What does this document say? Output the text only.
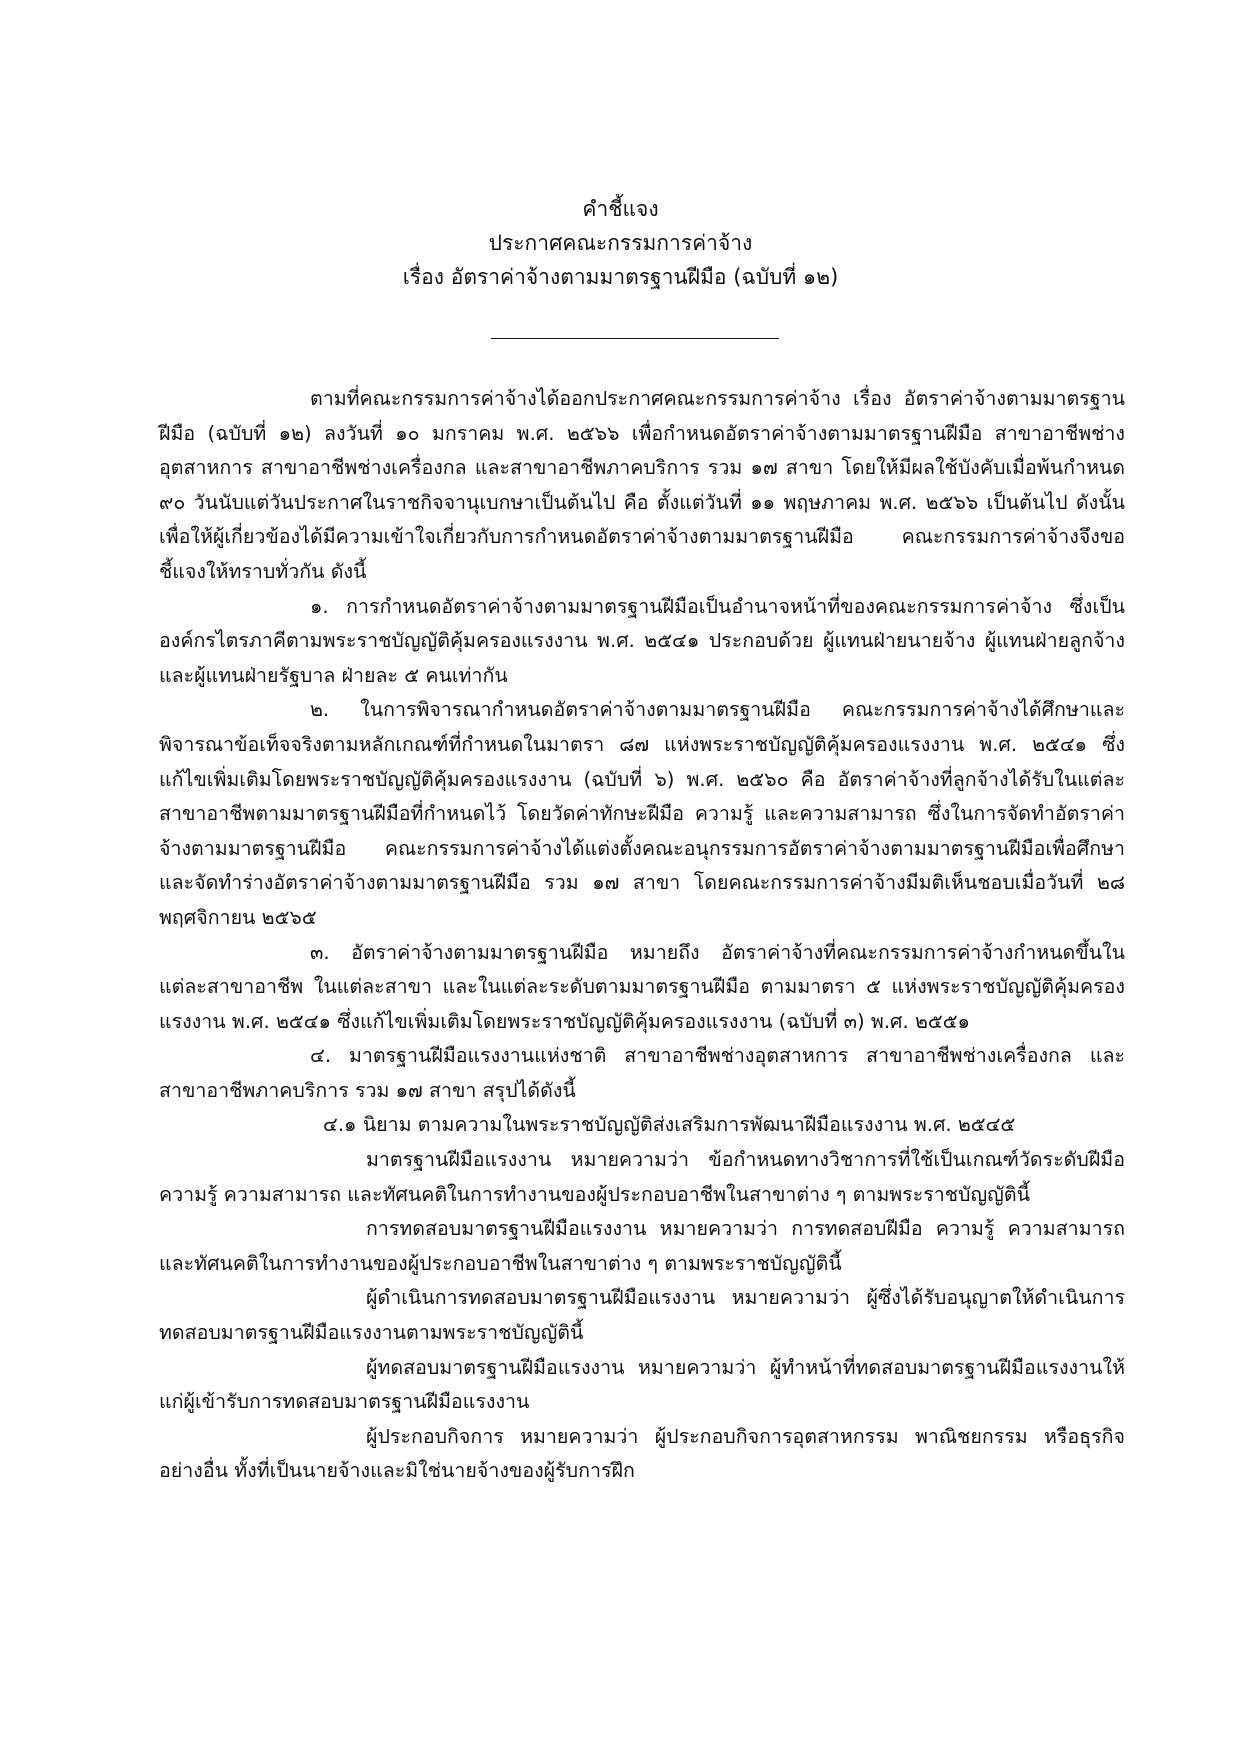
คำชี้แจง
ประกาศคณะกรรมการค่าจ้าง
เรื่อง อัตราค่าจ้างตามมาตรฐานฝีมือ (ฉบับที่ ๑๒)

ตามที่คณะกรรมการค่าจ้างได้ออกประกาศคณะกรรมการค่าจ้าง เรื่อง อัตราค่าจ้างตามมาตรฐานฝีมือ (ฉบับที่ ๑๒) ลงวันที่ ๑๐ มกราคม พ.ศ. ๒๕๖๖ เพื่อกำหนดอัตราค่าจ้างตามมาตรฐานฝีมือ สาขาอาชีพช่างอุตสาหการ สาขาอาชีพช่างเครื่องกล และสาขาอาชีพภาคบริการ รวม ๑๗ สาขา โดยให้มีผลใช้บังคับเมื่อพ้นกำหนด ๙๐ วันนับแต่วันประกาศในราชกิจจานุเบกษาเป็นต้นไป คือ ตั้งแต่วันที่ ๑๑ พฤษภาคม พ.ศ. ๒๕๖๖ เป็นต้นไป ดังนั้น เพื่อให้ผู้เกี่ยวข้องได้มีความเข้าใจเกี่ยวกับการกำหนดอัตราค่าจ้างตามมาตรฐานฝีมือ คณะกรรมการค่าจ้างจึงขอชี้แจงให้ทราบทั่วกัน ดังนี้

๑. การกำหนดอัตราค่าจ้างตามมาตรฐานฝีมือเป็นอำนาจหน้าที่ของคณะกรรมการค่าจ้าง ซึ่งเป็นองค์กรไตรภาคีตามพระราชบัญญัติคุ้มครองแรงงาน พ.ศ. ๒๕๔๑ ประกอบด้วย ผู้แทนฝ่ายนายจ้าง ผู้แทนฝ่ายลูกจ้าง และผู้แทนฝ่ายรัฐบาล ฝ่ายละ ๕ คนเท่ากัน

๒. ในการพิจารณากำหนดอัตราค่าจ้างตามมาตรฐานฝีมือ คณะกรรมการค่าจ้างได้ศึกษาและพิจารณาข้อเท็จจริงตามหลักเกณฑ์ที่กำหนดในมาตรา ๘๗ แห่งพระราชบัญญัติคุ้มครองแรงงาน พ.ศ. ๒๕๔๑ ซึ่งแก้ไขเพิ่มเติมโดยพระราชบัญญัติคุ้มครองแรงงาน (ฉบับที่ ๖) พ.ศ. ๒๕๖๐ คือ อัตราค่าจ้างที่ลูกจ้างได้รับในแต่ละสาขาอาชีพตามมาตรฐานฝีมือที่กำหนดไว้ โดยวัดค่าทักษะฝีมือ ความรู้ และความสามารถ ซึ่งในการจัดทำอัตราค่าจ้างตามมาตรฐานฝีมือ คณะกรรมการค่าจ้างได้แต่งตั้งคณะอนุกรรมการอัตราค่าจ้างตามมาตรฐานฝีมือเพื่อศึกษาและจัดทำร่างอัตราค่าจ้างตามมาตรฐานฝีมือ รวม ๑๗ สาขา โดยคณะกรรมการค่าจ้างมีมติเห็นชอบเมื่อวันที่ ๒๘ พฤศจิกายน ๒๕๖๕

๓. อัตราค่าจ้างตามมาตรฐานฝีมือ หมายถึง อัตราค่าจ้างที่คณะกรรมการค่าจ้างกำหนดขึ้นในแต่ละสาขาอาชีพ ในแต่ละสาขา และในแต่ละระดับตามมาตรฐานฝีมือ ตามมาตรา ๕ แห่งพระราชบัญญัติคุ้มครองแรงงาน พ.ศ. ๒๕๔๑ ซึ่งแก้ไขเพิ่มเติมโดยพระราชบัญญัติคุ้มครองแรงงาน (ฉบับที่ ๓) พ.ศ. ๒๕๕๑

๔. มาตรฐานฝีมือแรงงานแห่งชาติ สาขาอาชีพช่างอุตสาหการ สาขาอาชีพช่างเครื่องกล และสาขาอาชีพภาคบริการ รวม ๑๗ สาขา สรุปได้ดังนี้

๔.๑ นิยาม ตามความในพระราชบัญญัติส่งเสริมการพัฒนาฝีมือแรงงาน พ.ศ. ๒๕๔๕

มาตรฐานฝีมือแรงงาน หมายความว่า ข้อกำหนดทางวิชาการที่ใช้เป็นเกณฑ์วัดระดับฝีมือ ความรู้ ความสามารถ และทัศนคติในการทำงานของผู้ประกอบอาชีพในสาขาต่าง ๆ ตามพระราชบัญญัตินี้

การทดสอบมาตรฐานฝีมือแรงงาน หมายความว่า การทดสอบฝีมือ ความรู้ ความสามารถ และทัศนคติในการทำงานของผู้ประกอบอาชีพในสาขาต่าง ๆ ตามพระราชบัญญัตินี้

ผู้ดำเนินการทดสอบมาตรฐานฝีมือแรงงาน หมายความว่า ผู้ซึ่งได้รับอนุญาตให้ดำเนินการทดสอบมาตรฐานฝีมือแรงงานตามพระราชบัญญัตินี้

ผู้ทดสอบมาตรฐานฝีมือแรงงาน หมายความว่า ผู้ทำหน้าที่ทดสอบมาตรฐานฝีมือแรงงานให้แก่ผู้เข้ารับการทดสอบมาตรฐานฝีมือแรงงาน

ผู้ประกอบกิจการ หมายความว่า ผู้ประกอบกิจการอุตสาหกรรม พาณิชยกรรม หรือธุรกิจอย่างอื่น ทั้งที่เป็นนายจ้างและมิใช่นายจ้างของผู้รับการฝึก
